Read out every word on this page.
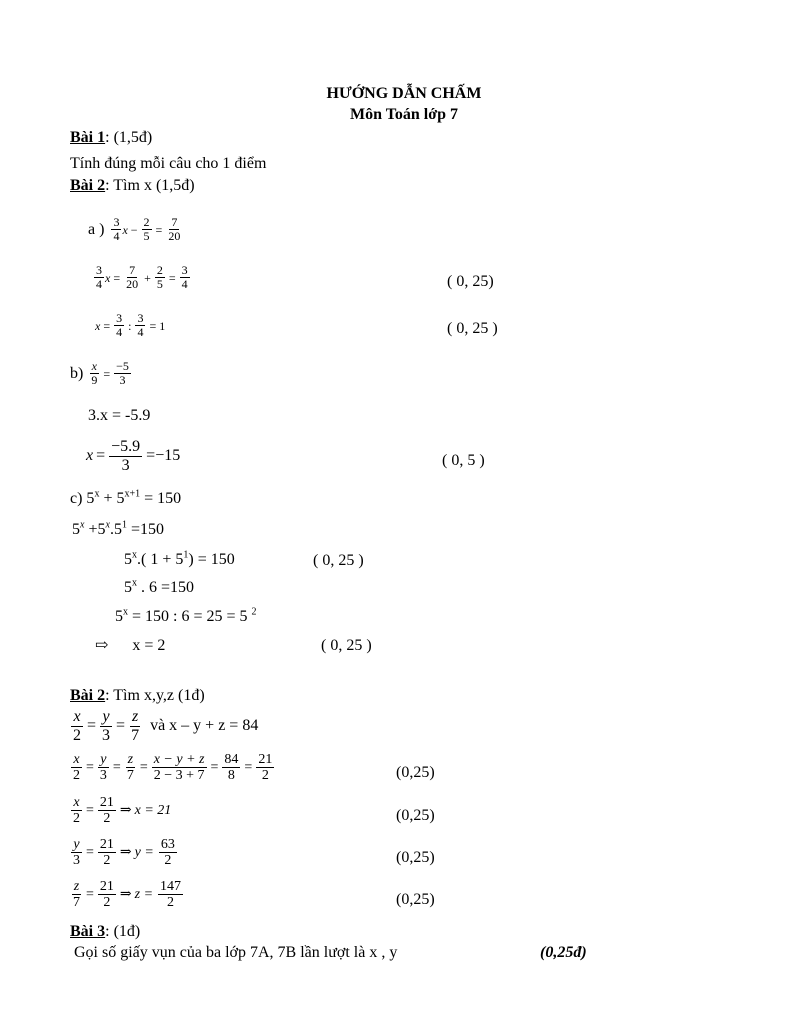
HƯỚNG DẪN CHẤM
Môn Toán lớp 7
Bài 1: (1,5đ)
Tính đúng mỗi câu cho 1 điểm
Bài 2: Tìm x (1,5đ)
a ) $\frac{3}{4}$ $x - \frac{2}{5} = \frac{7}{20}$
$\frac{3}{4}$ $x = \frac{7}{20} + \frac{2}{5} = \frac{3}{4}$	( 0, 25)
$x = \frac{3}{4}$ : $\frac{3}{4} = 1$	( 0, 25 )
$b) \frac{x}{9} = \frac{-5}{3}$
3.x = -5.9
$x = \frac{-5.9}{3} =-15$	( 0, 5 )
c) $5^x + 5^{x+1} = 150$
$5^x +5^x.5^1 =150$
5$^x$.( $1 + 5^1) = 150$	( 0, 25 )
5$^x$ . 6 =150
$5^x = 150$ : 6 = 25 = 5 $^2$
⇨ x = 2	( 0, 25 )
Bài 2: Tìm x,y,z (1đ)
$\frac{x}{2} = \frac{y}{3} = \frac{z}{7}$ và x – y + z = 84
$\frac{x}{2} = \frac{y}{3} = \frac{z}{7} = \frac{x - y + z}{2 - 3 + 7} = \frac{84}{8} = \frac{21}{2}$	(0,25)
$\frac{x}{2} = \frac{21}{2}$ ⇒ x = 21	(0,25)
$\frac{y}{3} = \frac{21}{2}$ ⇒ $y = \frac{63}{2}$	(0,25)
$\frac{z}{7} = \frac{21}{2}$ ⇒ $z = \frac{147}{2}$	(0,25)
Bài 3: (1đ)
Gọi số giấy vụn của ba lớp 7A, 7B lần lượt là x , y	(0,25đ)
